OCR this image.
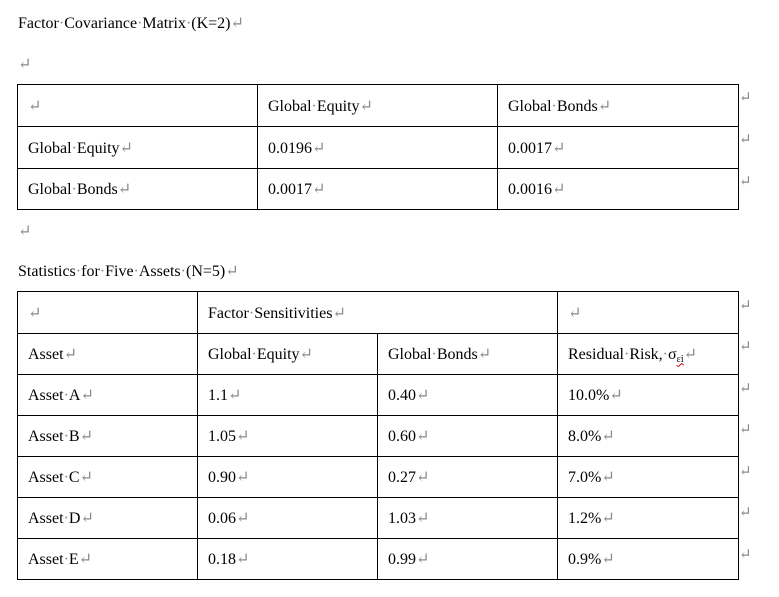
Factor·Covariance·Matrix·(K=2)↵
↵
↵	Global·Equity↵	Global·Bonds↵
Global·Equity↵	0.0196↵	0.0017↵
Global·Bonds↵	0.0017↵	0.0016↵
↵
↵
↵
↵
Statistics·for·Five·Assets·(N=5)↵
↵	Factor·Sensitivities↵		↵
Asset↵	Global·Equity↵	Global·Bonds↵	$Residual\cdot Risk,\cdot\sigma_{\varepsilon i}↵$
Asset·A↵	1.1↵	0.40↵	10.0%↵
Asset·B↵	1.05↵	0.60↵	8.0%↵
Asset·C↵	0.90↵	0.27↵	7.0%↵
Asset·D↵	0.06↵	1.03↵	1.2%↵
Asset·E↵	0.18↵	0.99↵	0.9%↵
↵
↵
↵
↵
↵
↵
↵
